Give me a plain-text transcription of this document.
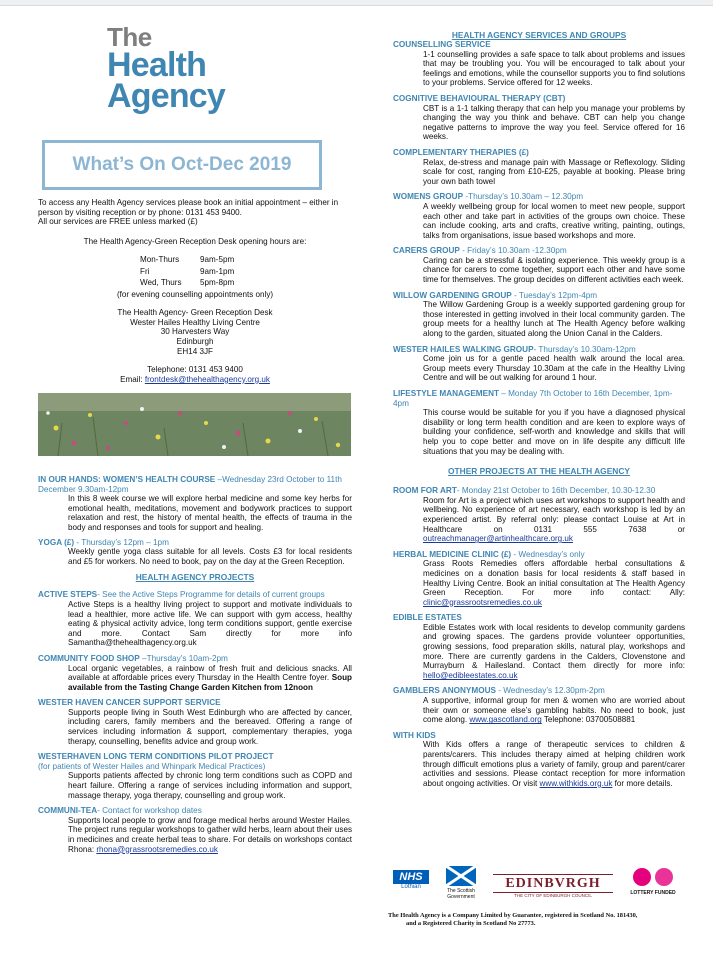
The
Health
Agency
What’s On Oct-Dec 2019

To access any Health Agency services please book an initial appointment – either in person by visiting reception or by phone: 0131 453 9400.

All our services are FREE unless marked (£)

The Health Agency-Green Reception Desk opening hours are:

Mon-Thurs	9am-5pm
Fri	9am-1pm
Wed, Thurs	5pm-8pm

(for evening counselling appointments only)

The Health Agency- Green Reception Desk

Wester Hailes Healthy Living Centre

30 Harvesters Way

Edinburgh

EH14 3JF

Telephone: 0131 453 9400

Email: frontdesk@thehealthagency.org.uk

IN OUR HANDS: WOMEN’S HEALTH COURSE –Wednesday 23rd October to 11th December 9.30am-12pm

In this 8 week course we will explore herbal medicine and some key herbs for emotional health, meditations, movement and bodywork practices to support relaxation and rest, the history of mental health, the effects of trauma in the body and responses and tools for support and healing.

YOGA (£) - Thursday’s 12pm – 1pm

Weekly gentle yoga class suitable for all levels. Costs £3 for local residents and £5 for workers. No need to book, pay on the day at the Green Reception.

HEALTH AGENCY PROJECTS

ACTIVE STEPS- See the Active Steps Programme for details of current groups

Active Steps is a healthy living project to support and motivate individuals to lead a healthier, more active life. We can support with gym access, healthy eating & physical activity advice, long term conditions support, gentle exercise and more. Contact Sam directly for more info Samantha@thehealthagency.org.uk

COMMUNITY FOOD SHOP –Thursday’s 10am-2pm

Local organic vegetables, a rainbow of fresh fruit and delicious snacks. All available at affordable prices every Thursday in the Health Centre foyer. Soup available from the Tasting Change Garden Kitchen from 12noon

WESTER HAVEN CANCER SUPPORT SERVICE

Supports people living in South West Edinburgh who are affected by cancer, including carers, family members and the bereaved. Offering a range of services including information & support, complementary therapies, yoga therapy, counselling, benefits advice and group work.

WESTERHAVEN LONG TERM CONDITIONS PILOT PROJECT

(for patients of Wester Hailes and Whinpark Medical Practices)

Supports patients affected by chronic long term conditions such as COPD and heart failure. Offering a range of services including information and support, massage therapy, yoga therapy, counselling and group work.

COMMUNI-TEA- Contact for workshop dates

Supports local people to grow and forage medical herbs around Wester Hailes. The project runs regular workshops to gather wild herbs, learn about their uses in medicines and create herbal teas to share. For details on workshops contact Rhona: rhona@grassrootsremedies.co.uk

HEALTH AGENCY SERVICES AND GROUPS

COUNSELLING SERVICE

1-1 counselling provides a safe space to talk about problems and issues that may be troubling you. You will be encouraged to talk about your feelings and emotions, while the counsellor supports you to find solutions to your problems. Service offered for 12 weeks.

COGNITIVE BEHAVIOURAL THERAPY (CBT)

CBT is a 1-1 talking therapy that can help you manage your problems by changing the way you think and behave. CBT can help you change negative patterns to improve the way you feel. Service offered for 16 weeks.

COMPLEMENTARY THERAPIES (£)

Relax, de-stress and manage pain with Massage or Reflexology. Sliding scale for cost, ranging from £10-£25, payable at booking. Please bring your own bath towel

WOMENS GROUP -Thursday’s 10.30am – 12.30pm

A weekly wellbeing group for local women to meet new people, support each other and take part in activities of the groups own choice. These can include cooking, arts and crafts, creative writing, painting, outings, talks from organisations, issue based workshops and more.

CARERS GROUP - Friday’s 10.30am -12.30pm

Caring can be a stressful & isolating experience. This weekly group is a chance for carers to come together, support each other and have some time for themselves. The group decides on different activities each week.

WILLOW GARDENING GROUP - Tuesday’s 12pm-4pm

The Willow Gardening Group is a weekly supported gardening group for those interested in getting involved in their local community garden. The group meets for a healthy lunch at The Health Agency before walking along to the garden, situated along the Union Canal in the Calders.

WESTER HAILES WALKING GROUP- Thursday’s 10.30am-12pm

Come join us for a gentle paced health walk around the local area. Group meets every Thursday 10.30am at the cafe in the Healthy Living Centre and will be out walking for around 1 hour.

LIFESTYLE MANAGEMENT – Monday 7th October to 16th December, 1pm-4pm

This course would be suitable for you if you have a diagnosed physical disability or long term health condition and are keen to explore ways of building your confidence, self-worth and knowledge and skills that will help you to cope better and move on in life despite any difficult life situations that you may be dealing with.

OTHER PROJECTS AT THE HEALTH AGENCY

ROOM FOR ART- Monday 21st October to 16th December, 10.30-12.30

Room for Art is a project which uses art workshops to support health and wellbeing. No experience of art necessary, each workshop is led by an experienced artist. By referral only: please contact Louise at Art in Healthcare on 0131 555 7638 or outreachmanager@artinhealthcare.org.uk

HERBAL MEDICINE CLINIC (£) - Wednesday’s only

Grass Roots Remedies offers affordable herbal consultations & medicines on a donation basis for local residents & staff based in Healthy Living Centre. Book an initial consultation at The Health Agency Green Reception. For more info contact: Ally: clinic@grassrootsremedies.co.uk

EDIBLE ESTATES

Edible Estates work with local residents to develop community gardens and growing spaces. The gardens provide volunteer opportunities, growing sessions, food preparation skills, natural play, workshops and more. There are currently gardens in the Calders, Clovenstone and Murrayburn & Hailesland. Contact them directly for more info: hello@edibleestates.co.uk

GAMBLERS ANONYMOUS - Wednesday’s 12.30pm-2pm

A supportive, informal group for men & women who are worried about their own or someone else’s gambling habits. No need to book, just come along. www.gascotland.org Telephone: 03700508881

WITH KIDS

With Kids offers a range of therapeutic services to children & parents/carers. This includes therapy aimed at helping children work through difficult emotions plus a variety of family, group and parent/carer activities and sessions. Please contact reception for more information about ongoing activities. Or visit www.withkids.org.uk for more details.

NHS
Lothian
The Scottish Government
EDINBVRGH
THE CITY OF EDINBURGH COUNCIL	LOTTERY FUNDED
The Health Agency is a Company Limited by Guarantee, registered in Scotland No. 181430,
and a Registered Charity in Scotland No 27773.
